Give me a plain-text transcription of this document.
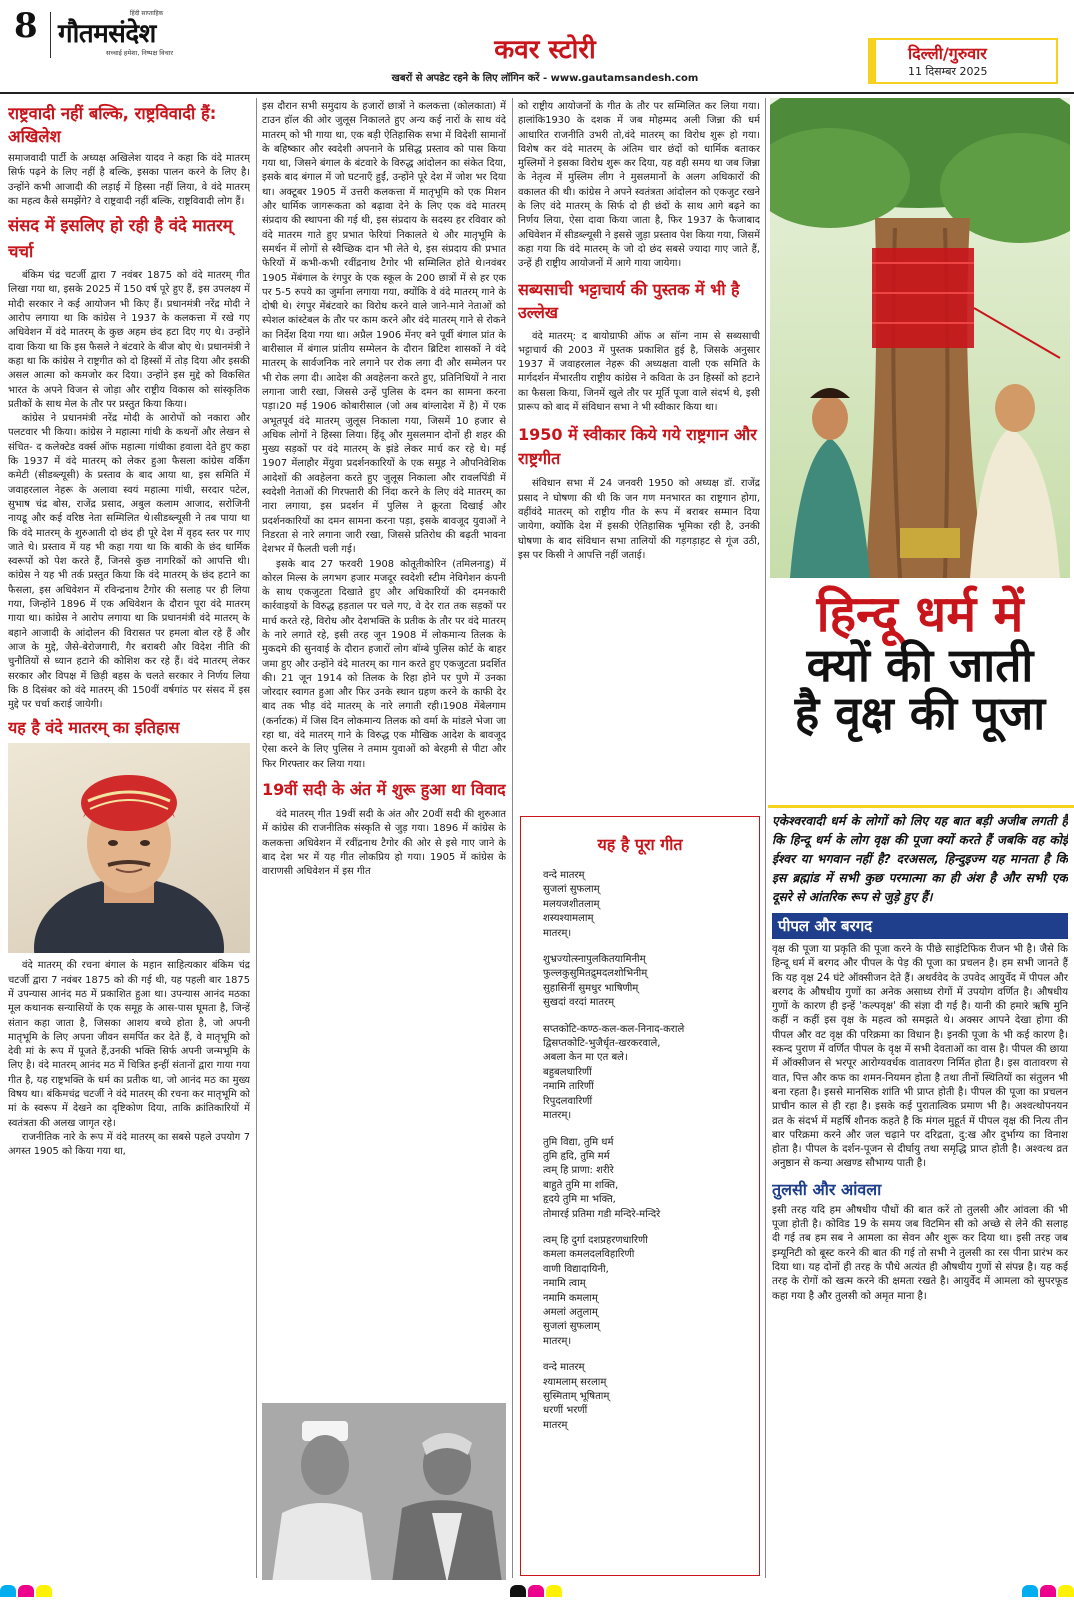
8	हिंदी साप्ताहिक
गौतमसंदेश
सच्चाई हमेशा, निष्पक्ष विचार	कवर स्टोरी
खबरों से अपडेट रहने के लिए लॉगिन करें - www.gautamsandesh.com
दिल्ली/गुरुवार
11 दिसम्बर 2025
राष्ट्रवादी नहीं बल्कि, राष्ट्रविवादी हैं: अखिलेश

समाजवादी पार्टी के अध्यक्ष अखिलेश यादव ने कहा कि वंदे मातरम् सिर्फ पढ़ने के लिए नहीं है बल्कि, इसका पालन करने के लिए है। उन्होंने कभी आजादी की लड़ाई में हिस्सा नहीं लिया, वे वंदे मातरम् का महत्व कैसे समझेंगे? वे राष्ट्रवादी नहीं बल्कि, राष्ट्रविवादी लोग हैं।

संसद में इसलिए हो रही है वंदे मातरम् चर्चा

बंकिम चंद्र चटर्जी द्वारा 7 नवंबर 1875 को वंदे मातरम् गीत लिखा गया था, इसके 2025 में 150 वर्ष पूरे हुए हैं, इस उपलक्ष्य में मोदी सरकार ने कई आयोजन भी किए हैं। प्रधानमंत्री नरेंद्र मोदी ने आरोप लगाया था कि कांग्रेस ने 1937 के कलकत्ता में रखे गए अधिवेशन में वंदे मातरम् के कुछ अहम छंद हटा दिए गए थे। उन्होंने दावा किया था कि इस फैसले ने बंटवारे के बीज बोए थे। प्रधानमंत्री ने कहा था कि कांग्रेस ने राष्ट्रगीत को दो हिस्सों में तोड़ दिया और इसकी असल आत्मा को कमजोर कर दिया। उन्होंने इस मुद्दे को विकसित भारत के अपने विजन से जोड़ा और राष्ट्रीय विकास को सांस्कृतिक प्रतीकों के साथ मेल के तौर पर प्रस्तुत किया किया।

कांग्रेस ने प्रधानमंत्री नरेंद्र मोदी के आरोपों को नकारा और पलटवार भी किया। कांग्रेस ने महात्मा गांधी के कथनों और लेखन से संचित- द कलेक्टेड वर्क्स ऑफ महात्मा गांधीका हवाला देते हुए कहा कि 1937 में वंदे मातरम् को लेकर हुआ फैसला कांग्रेस वर्किंग कमेटी (सीडब्ल्यूसी) के प्रस्ताव के बाद आया था, इस समिति में जवाहरलाल नेहरू के अलावा स्वयं महात्मा गांधी, सरदार पटेल, सुभाष चंद्र बोस, राजेंद्र प्रसाद, अबुल कलाम आजाद, सरोजिनी नायडू और कई वरिष्ठ नेता सम्मिलित थे।सीडब्ल्यूसी ने तब पाया था कि वंदे मातरम् के शुरुआती दो छंद ही पूरे देश में वृहद स्तर पर गाए जाते थे। प्रस्ताव में यह भी कहा गया था कि बाकी के छंद धार्मिक स्वरूपों को पेश करते हैं, जिनसे कुछ नागरिकों को आपत्ति थी। कांग्रेस ने यह भी तर्क प्रस्तुत किया कि वंदे मातरम् के छंद हटाने का फैसला, इस अधिवेशन में रविन्द्रनाथ टैगोर की सलाह पर ही लिया गया, जिन्होंने 1896 में एक अधिवेशन के दौरान पूरा वंदे मातरम् गाया था। कांग्रेस ने आरोप लगाया था कि प्रधानमंत्री वंदे मातरम् के बहाने आजादी के आंदोलन की विरासत पर हमला बोल रहे हैं और आज के मुद्दे, जैसे-बेरोजगारी, गैर बराबरी और विदेश नीति की चुनौतियों से ध्यान हटाने की कोशिश कर रहे हैं। वंदे मातरम् लेकर सरकार और विपक्ष में छिड़ी बहस के चलते सरकार ने निर्णय लिया कि 8 दिसंबर को वंदे मातरम् की 150वीं वर्षगांठ पर संसद में इस मुद्दे पर चर्चा कराई जायेगी।

यह है वंदे मातरम् का इतिहास

वंदे मातरम् की रचना बंगाल के महान साहित्यकार बंकिम चंद्र चटर्जी द्वारा 7 नवंबर 1875 को की गई थी, यह पहली बार 1875 में उपन्यास आनंद मठ में प्रकाशित हुआ था। उपन्यास आनंद मठका मूल कथानक सन्यासियों के एक समूह के आस-पास घूमता है, जिन्हें संतान कहा जाता है, जिसका आशय बच्चे होता है, जो अपनी मातृभूमि के लिए अपना जीवन समर्पित कर देते हैं, वे मातृभूमि को देवी मां के रूप में पूजते हैं,उनकी भक्ति सिर्फ अपनी जन्मभूमि के लिए है। वंदे मातरम् आनंद मठ में चित्रित इन्हीं संतानों द्वारा गाया गया गीत है, यह राष्ट्रभक्ति के धर्म का प्रतीक था, जो आनंद मठ का मुख्य विषय था। बंकिमचंद्र चटर्जी ने वंदे मातरम् की रचना कर मातृभूमि को मां के स्वरूप में देखने का दृष्टिकोण दिया, ताकि क्रांतिकारियों में स्वतंत्रता की अलख जागृत रहे।

राजनीतिक नारे के रूप में वंदे मातरम् का सबसे पहले उपयोग 7 अगस्त 1905 को किया गया था,

इस दौरान सभी समुदाय के हजारों छात्रों ने कलकत्ता (कोलकाता) में टाउन हॉल की ओर जुलूस निकालते हुए अन्य कई नारों के साथ वंदे मातरम् को भी गाया था, एक बड़ी ऐतिहासिक सभा में विदेशी सामानों के बहिष्कार और स्वदेशी अपनाने के प्रसिद्ध प्रस्ताव को पास किया गया था, जिसने बंगाल के बंटवारे के विरुद्ध आंदोलन का संकेत दिया, इसके बाद बंगाल में जो घटनाएँ हुईं, उन्होंने पूरे देश में जोश भर दिया था। अक्टूबर 1905 में उत्तरी कलकत्ता में मातृभूमि को एक मिशन और धार्मिक जागरूकता को बढ़ावा देने के लिए एक वंदे मातरम् संप्रदाय की स्थापना की गई थी, इस संप्रदाय के सदस्य हर रविवार को वंदे मातरम गाते हुए प्रभात फेरियां निकालते थे और मातृभूमि के समर्थन में लोगों से स्वैच्छिक दान भी लेते थे, इस संप्रदाय की प्रभात फेरियों में कभी-कभी रवींद्रनाथ टैगोर भी सम्मिलित होते थे।नवंबर 1905 मेंबंगाल के रंगपुर के एक स्कूल के 200 छात्रों में से हर एक पर 5-5 रुपये का जुर्माना लगाया गया, क्योंकि वे वंदे मातरम् गाने के दोषी थे। रंगपुर मेंबंटवारे का विरोध करने वाले जाने-माने नेताओं को स्पेशल कांस्टेबल के तौर पर काम करने और वंदे मातरम् गाने से रोकने का निर्देश दिया गया था। अप्रैल 1906 मेंनए बने पूर्वी बंगाल प्रांत के बारीसाल में बंगाल प्रांतीय सम्मेलन के दौरान ब्रिटिश शासकों ने वंदे मातरम् के सार्वजनिक नारे लगाने पर रोक लगा दी और सम्मेलन पर भी रोक लगा दी। आदेश की अवहेलना करते हुए, प्रतिनिधियों ने नारा लगाना जारी रखा, जिससे उन्हें पुलिस के दमन का सामना करना पड़ा।20 मई 1906 कोबारीसाल (जो अब बांग्लादेश में है) में एक अभूतपूर्व वंदे मातरम् जुलूस निकाला गया, जिसमें 10 हजार से अधिक लोगों ने हिस्सा लिया। हिंदू और मुसलमान दोनों ही शहर की मुख्य सड़कों पर वंदे मातरम् के झंडे लेकर मार्च कर रहे थे। मई 1907 मेंलाहौर मेंयुवा प्रदर्शनकारियों के एक समूह ने औपनिवेशिक आदेशों की अवहेलना करते हुए जुलूस निकाला और रावलपिंडी में स्वदेशी नेताओं की गिरफ्तारी की निंदा करने के लिए वंदे मातरम् का नारा लगाया, इस प्रदर्शन में पुलिस ने क्रूरता दिखाई और प्रदर्शनकारियों का दमन सामना करना पड़ा, इसके बावजूद युवाओं ने निडरता से नारे लगाना जारी रखा, जिससे प्रतिरोध की बढ़ती भावना देशभर में फैलती चली गई।

इसके बाद 27 फरवरी 1908 कोतूतीकोरिन (तमिलनाडु) में कोरल मिल्स के लगभग हजार मजदूर स्वदेशी स्टीम नेविगेशन कंपनी के साथ एकजुटता दिखाते हुए और अधिकारियों की दमनकारी कार्रवाइयों के विरुद्ध हड़ताल पर चले गए, वे देर रात तक सड़कों पर मार्च करते रहे, विरोध और देशभक्ति के प्रतीक के तौर पर वंदे मातरम् के नारे लगाते रहे, इसी तरह जून 1908 में लोकमान्य तिलक के मुकदमे की सुनवाई के दौरान हजारों लोग बॉम्बे पुलिस कोर्ट के बाहर जमा हुए और उन्होंने वंदे मातरम् का गान करते हुए एकजुटता प्रदर्शित की। 21 जून 1914 को तिलक के रिहा होने पर पुणे में उनका जोरदार स्वागत हुआ और फिर उनके स्थान ग्रहण करने के काफी देर बाद तक भीड़ वंदे मातरम् के नारे लगाती रही।1908 मेंबेलगाम (कर्नाटक) में जिस दिन लोकमान्य तिलक को वर्मा के मांडले भेजा जा रहा था, वंदे मातरम् गाने के विरुद्ध एक मौखिक आदेश के बावजूद ऐसा करने के लिए पुलिस ने तमाम युवाओं को बेरहमी से पीटा और फिर गिरफ्तार कर लिया गया।

19वीं सदी के अंत में शुरू हुआ था विवाद

वंदे मातरम् गीत 19वीं सदी के अंत और 20वीं सदी की शुरुआत में कांग्रेस की राजनीतिक संस्कृति से जुड़ गया। 1896 में कांग्रेस के कलकत्ता अधिवेशन में रवींद्रनाथ टैगोर की ओर से इसे गाए जाने के बाद देश भर में यह गीत लोकप्रिय हो गया। 1905 में कांग्रेस के वाराणसी अधिवेशन में इस गीत

को राष्ट्रीय आयोजनों के गीत के तौर पर सम्मिलित कर लिया गया।हालांकि1930 के दशक में जब मोहम्मद अली जिन्ना की धर्म आधारित राजनीति उभरी तो,वंदे मातरम् का विरोध शुरू हो गया। विशेष कर वंदे मातरम् के अंतिम चार छंदों को धार्मिक बताकर मुस्लिमों ने इसका विरोध शुरू कर दिया, यह वही समय था जब जिन्ना के नेतृत्व में मुस्लिम लीग ने मुसलमानों के अलग अधिकारों की वकालत की थी। कांग्रेस ने अपने स्वतंत्रता आंदोलन को एकजुट रखने के लिए वंदे मातरम् के सिर्फ दो ही छंदों के साथ आगे बढ़ने का निर्णय लिया, ऐसा दावा किया जाता है, फिर 1937 के फैजाबाद अधिवेशन में सीडब्ल्यूसी ने इससे जुड़ा प्रस्ताव पेश किया गया, जिसमें कहा गया कि वंदे मातरम् के जो दो छंद सबसे ज्यादा गाए जाते हैं, उन्हें ही राष्ट्रीय आयोजनों में आगे गाया जायेगा।

सब्यसाची भट्टाचार्य की पुस्तक में भी है उल्लेख

वंदे मातरम्: द बायोग्राफी ऑफ अ सॉन्ग नाम से सब्यसाची भट्टाचार्य की 2003 में पुस्तक प्रकाशित हुई है, जिसके अनुसार 1937 में जवाहरलाल नेहरू की अध्यक्षता वाली एक समिति के मार्गदर्शन मेंभारतीय राष्ट्रीय कांग्रेस ने कविता के उन हिस्सों को हटाने का फैसला किया, जिनमें खुले तौर पर मूर्ति पूजा वाले संदर्भ थे, इसी प्रारूप को बाद में संविधान सभा ने भी स्वीकार किया था।

1950 में स्वीकार किये गये राष्ट्रगान और राष्ट्रगीत

संविधान सभा में 24 जनवरी 1950 को अध्यक्ष डॉ. राजेंद्र प्रसाद ने घोषणा की थी कि जन गण मनभारत का राष्ट्रगान होगा, वहींवंदे मातरम् को राष्ट्रीय गीत के रूप में बराबर सम्मान दिया जायेगा, क्योंकि देश में इसकी ऐतिहासिक भूमिका रही है, उनकी घोषणा के बाद संविधान सभा तालियों की गड़गड़ाहट से गूंज उठी, इस पर किसी ने आपत्ति नहीं जताई।

यह है पूरा गीत
वन्दे मातरम्
सुजलां सुफलाम्
मलयजशीतलाम्
शस्यश्यामलाम्
मातरम्।
शुभ्रज्योत्स्नापुलकितयामिनीम्
फुल्लकुसुमितद्रुमदलशोभिनीम्
सुहासिनीं सुमधुर भाषिणीम्
सुखदां वरदां मातरम्
सप्तकोटि-कण्ठ-कल-कल-निनाद-कराले
द्विसप्तकोटि-भुजैर्धृत-खरकरवाले,
अबला केन मा एत बले।
बहुबलधारिणीं
नमामि तारिणीं
रिपुदलवारिणीं
मातरम्।
तुमि विद्या, तुमि धर्म
तुमि हृदि, तुमि मर्म
त्वम् हि प्राणा: शरीरे
बाहुते तुमि मा शक्ति,
हृदये तुमि मा भक्ति,
तोमारई प्रतिमा गडी मन्दिरे-मन्दिरे
त्वम् हि दुर्गा दशप्रहरणधारिणी
कमला कमलदलविहारिणी
वाणी विद्यादायिनी,
नमामि त्वाम्
नमामि कमलाम्
अमलां अतुलाम्
सुजलां सुफलाम्
मातरम्।
वन्दे मातरम्
श्यामलाम् सरलाम्
सुस्मिताम् भूषिताम्
धरणीं भरणीं
मातरम्
हिन्दू धर्म में
क्यों की जाती
है वृक्ष की पूजा

एकेश्वरवादी धर्म के लोगों को लिए यह बात बड़ी अजीब लगती है कि हिन्दू धर्म के लोग वृक्ष की पूजा क्यों करते हैं जबकि वह कोई ईश्वर या भगवान नहीं है? दरअसल, हिन्दुइज्म यह मानता है कि इस ब्रह्मांड में सभी कुछ परमात्मा का ही अंश है और सभी एक दूसरे से आंतरिक रूप से जुड़े हुए हैं।

पीपल और बरगद

वृक्ष की पूजा या प्रकृति की पूजा करने के पीछे साइंटिफिक रीजन भी है। जैसे कि हिन्दू धर्म में बरगद और पीपल के पेड़ की पूजा का प्रचलन है। हम सभी जानते हैं कि यह वृक्ष 24 घंटे ऑक्सीजन देते हैं। अथर्ववेद के उपवेद आयुर्वेद में पीपल और बरगद के औषधीय गुणों का अनेक असाध्य रोगों में उपयोग वर्णित है। औषधीय गुणों के कारण ही इन्हें 'कल्पवृक्ष' की संज्ञा दी गई है। यानी की हमारे ऋषि मुनि कहीं न कहीं इस वृक्ष के महत्व को समझते थे। अक्सर आपने देखा होगा की पीपल और वट वृक्ष की परिक्रमा का विधान है। इनकी पूजा के भी कई कारण है। स्कन्द पुराण में वर्णित पीपल के वृक्ष में सभी देवताओं का वास है। पीपल की छाया में ऑक्सीजन से भरपूर आरोग्यवर्धक वातावरण निर्मित होता है। इस वातावरण से वात, पित्त और कफ का शमन-नियमन होता है तथा तीनों स्थितियों का संतुलन भी बना रहता है। इससे मानसिक शांति भी प्राप्त होती है। पीपल की पूजा का प्रचलन प्राचीन काल से ही रहा है। इसके कई पुरातात्विक प्रमाण भी है। अश्वत्थोपनयन व्रत के संदर्भ में महर्षि शौनक कहते है कि मंगल मुहूर्त में पीपल वृक्ष की नित्य तीन बार परिक्रमा करने और जल चढ़ाने पर दरिद्रता, दु:ख और दुर्भाग्य का विनाश होता है। पीपल के दर्शन-पूजन से दीर्घायु तथा समृद्धि प्राप्त होती है। अश्वत्थ व्रत अनुष्ठान से कन्या अखण्ड सौभाग्य पाती है।

तुलसी और आंवला

इसी तरह यदि हम औषधीय पौधों की बात करें तो तुलसी और आंवला की भी पूजा होती है। कोविड 19 के समय जब विटमिन सी को अच्छे से लेने की सलाह दी गई तब हम सब ने आमला का सेवन और शुरू कर दिया था। इसी तरह जब इम्यूनिटी को बूस्ट करने की बात की गई तो सभी ने तुलसी का रस पीना प्रारंभ कर दिया था। यह दोनों ही तरह के पौधे अत्यंत ही औषधीय गुणों से संपन्न है। यह कई तरह के रोगों को खत्म करने की क्षमता रखते है। आयुर्वेद में आमला को सुपरफूड कहा गया है और तुलसी को अमृत माना है।
